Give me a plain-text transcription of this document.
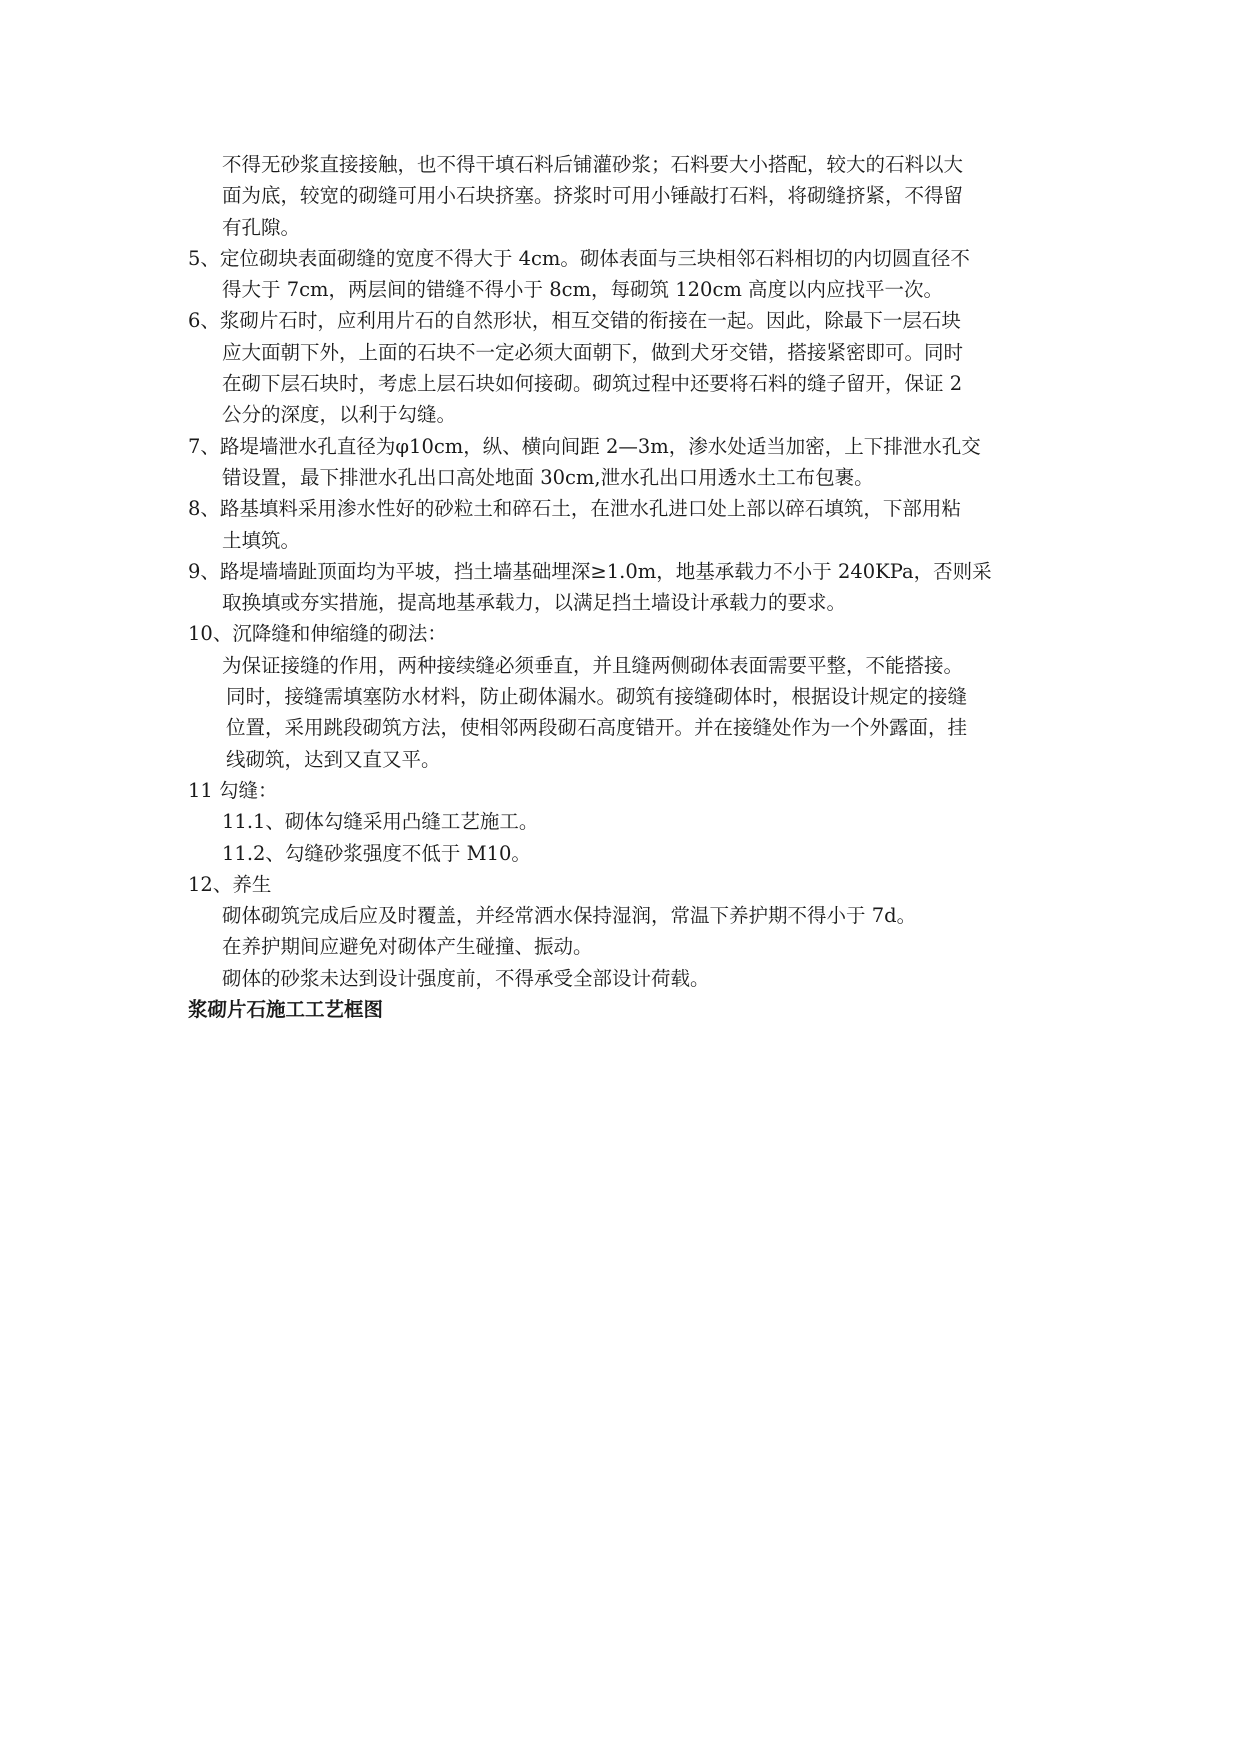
不得无砂浆直接接触，也不得干填石料后铺灌砂浆；石料要大小搭配，较大的石料以大
面为底，较宽的砌缝可用小石块挤塞。挤浆时可用小锤敲打石料，将砌缝挤紧，不得留
有孔隙。
5、定位砌块表面砌缝的宽度不得大于 4cm。砌体表面与三块相邻石料相切的内切圆直径不
得大于 7cm，两层间的错缝不得小于 8cm，每砌筑 120cm 高度以内应找平一次。
6、浆砌片石时，应利用片石的自然形状，相互交错的衔接在一起。因此，除最下一层石块
应大面朝下外，上面的石块不一定必须大面朝下，做到犬牙交错，搭接紧密即可。同时
在砌下层石块时，考虑上层石块如何接砌。砌筑过程中还要将石料的缝子留开，保证 2
公分的深度，以利于勾缝。
7、路堤墙泄水孔直径为φ10cm，纵、横向间距 2—3m，渗水处适当加密，上下排泄水孔交
错设置，最下排泄水孔出口高处地面 30cm,泄水孔出口用透水土工布包裹。
8、路基填料采用渗水性好的砂粒土和碎石土，在泄水孔进口处上部以碎石填筑，下部用粘
土填筑。
9、路堤墙墙趾顶面均为平坡，挡土墙基础埋深≥1.0m，地基承载力不小于 240KPa，否则采
取换填或夯实措施，提高地基承载力，以满足挡土墙设计承载力的要求。
10、沉降缝和伸缩缝的砌法：
为保证接缝的作用，两种接续缝必须垂直，并且缝两侧砌体表面需要平整，不能搭接。
同时，接缝需填塞防水材料，防止砌体漏水。砌筑有接缝砌体时，根据设计规定的接缝
位置，采用跳段砌筑方法，使相邻两段砌石高度错开。并在接缝处作为一个外露面，挂
线砌筑，达到又直又平。
11 勾缝：
11.1、砌体勾缝采用凸缝工艺施工。
11.2、勾缝砂浆强度不低于 M10。
12、养生
砌体砌筑完成后应及时覆盖，并经常洒水保持湿润，常温下养护期不得小于 7d。
在养护期间应避免对砌体产生碰撞、振动。
砌体的砂浆未达到设计强度前，不得承受全部设计荷载。
浆砌片石施工工艺框图
